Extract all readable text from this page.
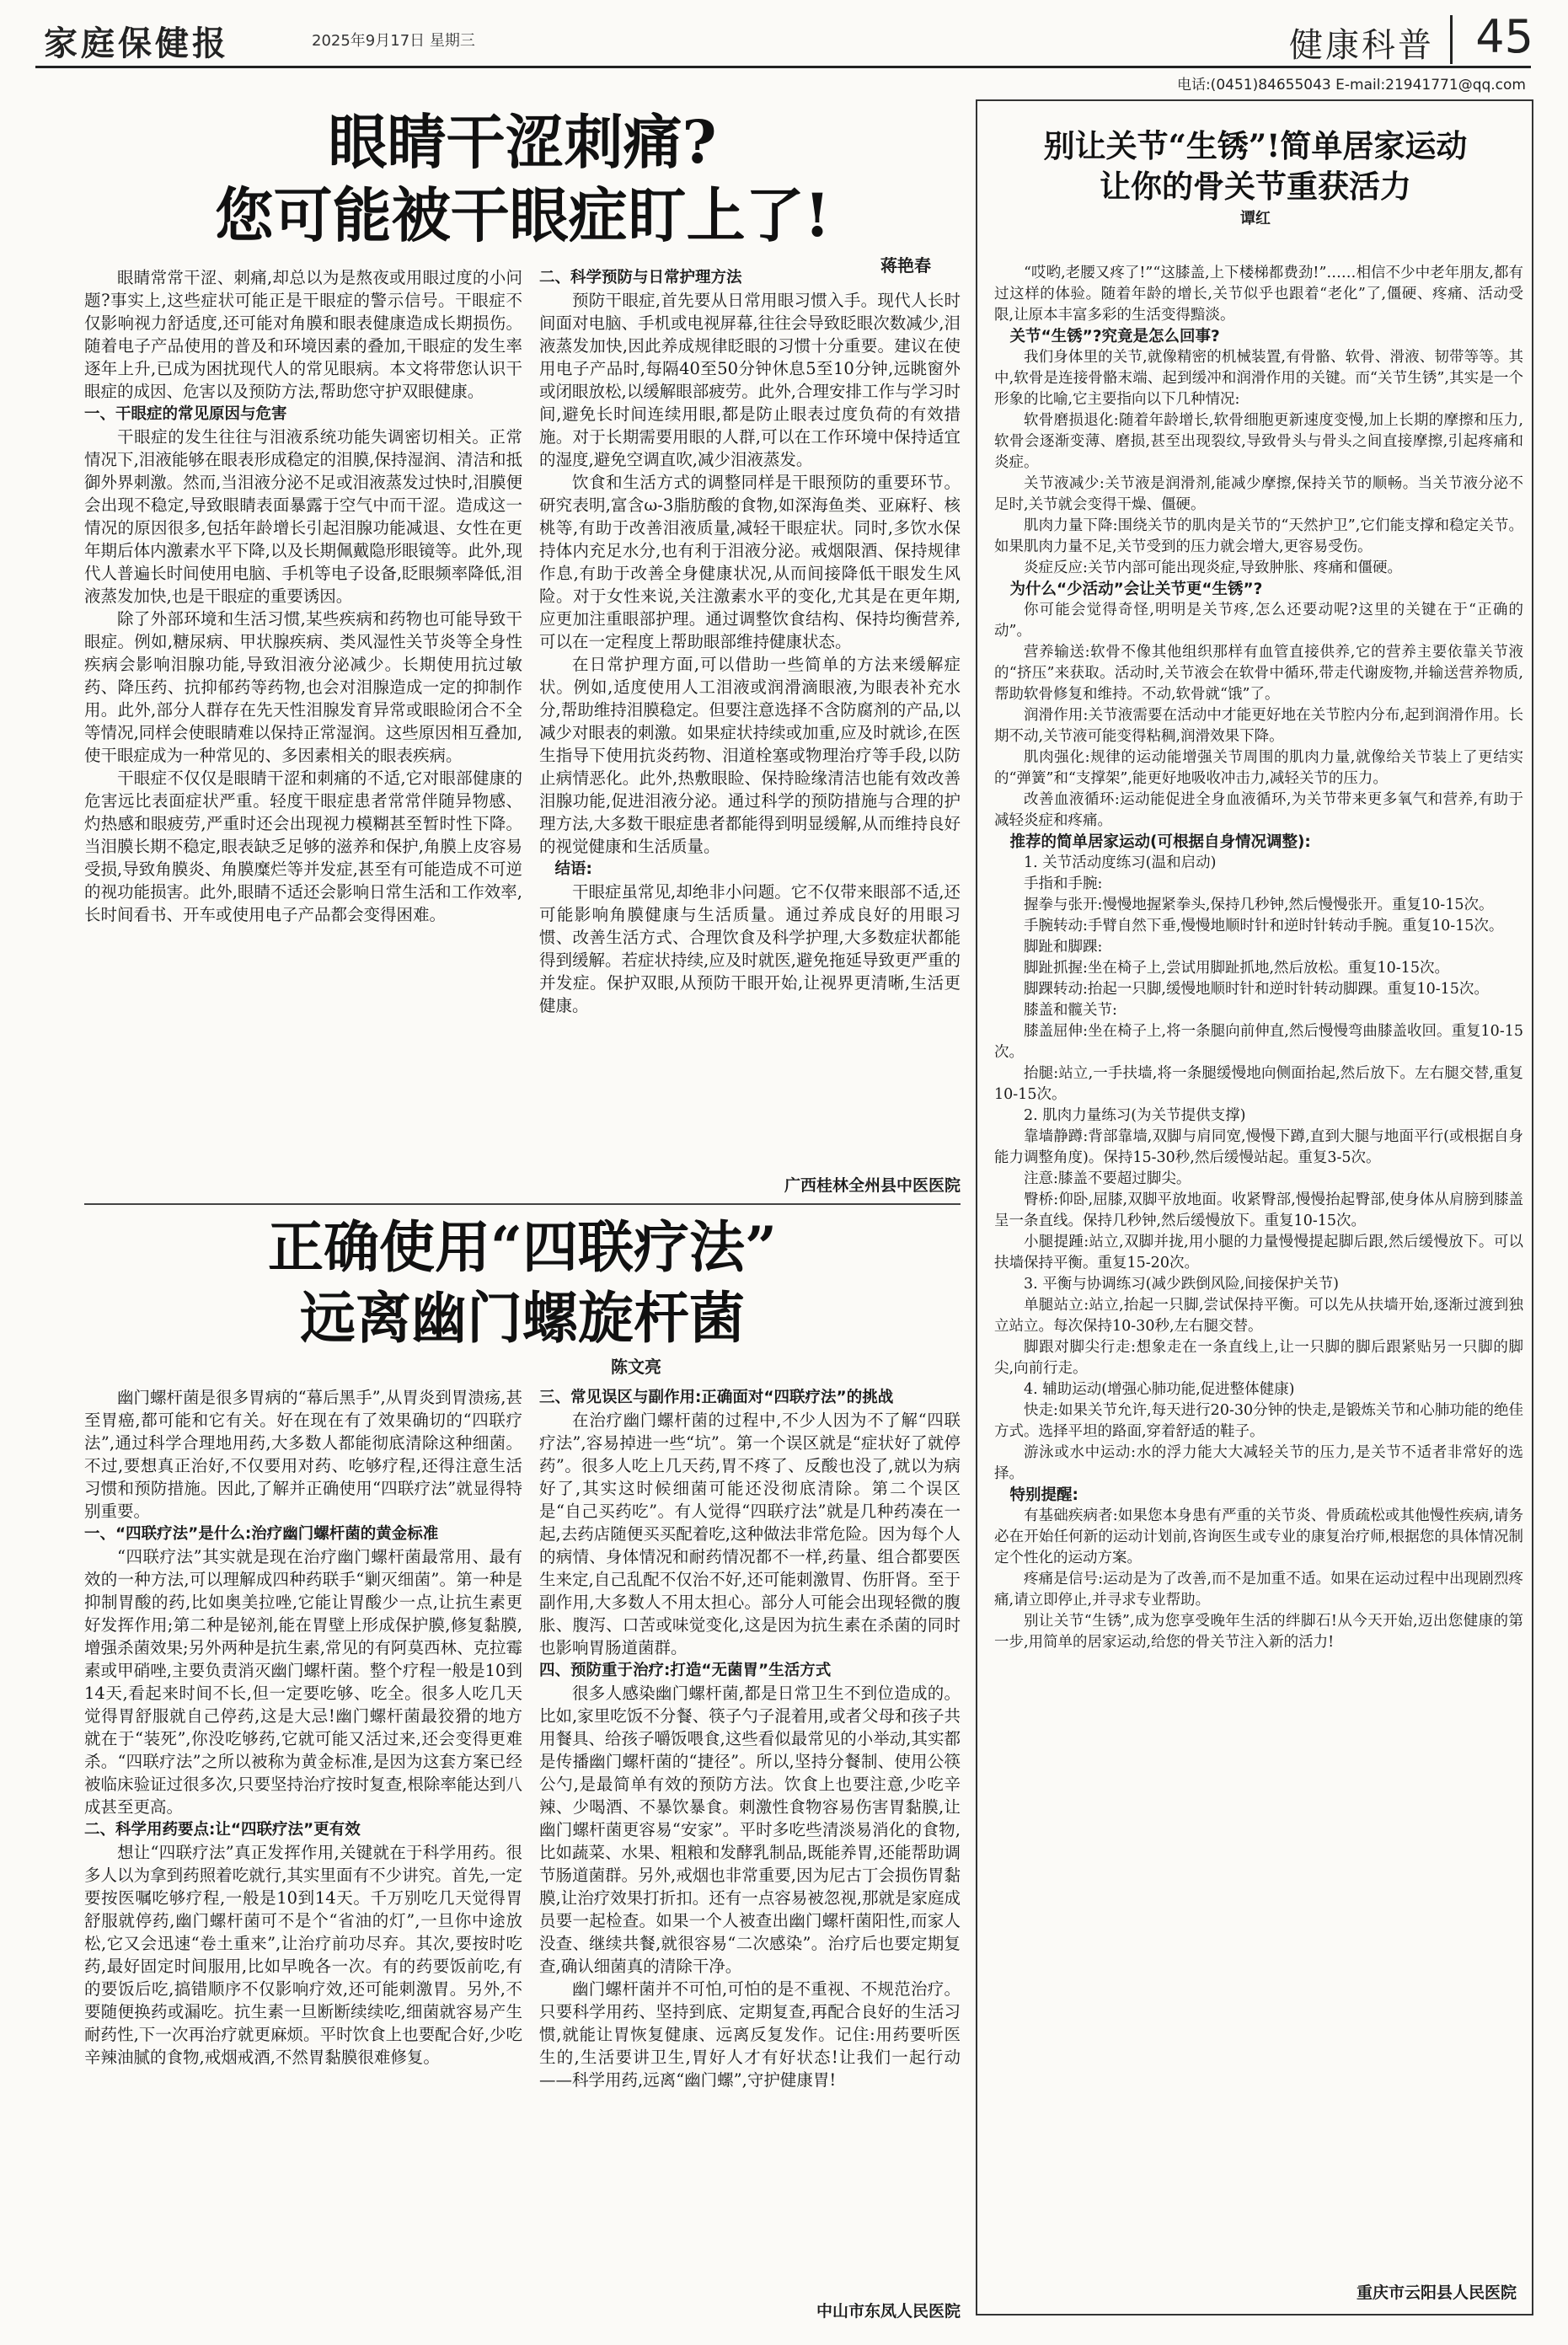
家庭保健报	2025年9月17日 星期三	健康科普 45
电话:(0451)84655043 E-mail:21941771@qq.com
眼睛干涩刺痛?
您可能被干眼症盯上了!
蒋艳春

眼睛常常干涩、刺痛,却总以为是熬夜或用眼过度的小问题?事实上,这些症状可能正是干眼症的警示信号。干眼症不仅影响视力舒适度,还可能对角膜和眼表健康造成长期损伤。随着电子产品使用的普及和环境因素的叠加,干眼症的发生率逐年上升,已成为困扰现代人的常见眼病。本文将带您认识干眼症的成因、危害以及预防方法,帮助您守护双眼健康。

一、干眼症的常见原因与危害

干眼症的发生往往与泪液系统功能失调密切相关。正常情况下,泪液能够在眼表形成稳定的泪膜,保持湿润、清洁和抵御外界刺激。然而,当泪液分泌不足或泪液蒸发过快时,泪膜便会出现不稳定,导致眼睛表面暴露于空气中而干涩。造成这一情况的原因很多,包括年龄增长引起泪腺功能减退、女性在更年期后体内激素水平下降,以及长期佩戴隐形眼镜等。此外,现代人普遍长时间使用电脑、手机等电子设备,眨眼频率降低,泪液蒸发加快,也是干眼症的重要诱因。

除了外部环境和生活习惯,某些疾病和药物也可能导致干眼症。例如,糖尿病、甲状腺疾病、类风湿性关节炎等全身性疾病会影响泪腺功能,导致泪液分泌减少。长期使用抗过敏药、降压药、抗抑郁药等药物,也会对泪腺造成一定的抑制作用。此外,部分人群存在先天性泪腺发育异常或眼睑闭合不全等情况,同样会使眼睛难以保持正常湿润。这些原因相互叠加,使干眼症成为一种常见的、多因素相关的眼表疾病。

干眼症不仅仅是眼睛干涩和刺痛的不适,它对眼部健康的危害远比表面症状严重。轻度干眼症患者常常伴随异物感、灼热感和眼疲劳,严重时还会出现视力模糊甚至暂时性下降。当泪膜长期不稳定,眼表缺乏足够的滋养和保护,角膜上皮容易受损,导致角膜炎、角膜糜烂等并发症,甚至有可能造成不可逆的视功能损害。此外,眼睛不适还会影响日常生活和工作效率,长时间看书、开车或使用电子产品都会变得困难。

二、科学预防与日常护理方法

预防干眼症,首先要从日常用眼习惯入手。现代人长时间面对电脑、手机或电视屏幕,往往会导致眨眼次数减少,泪液蒸发加快,因此养成规律眨眼的习惯十分重要。建议在使用电子产品时,每隔40至50分钟休息5至10分钟,远眺窗外或闭眼放松,以缓解眼部疲劳。此外,合理安排工作与学习时间,避免长时间连续用眼,都是防止眼表过度负荷的有效措施。对于长期需要用眼的人群,可以在工作环境中保持适宜的湿度,避免空调直吹,减少泪液蒸发。

饮食和生活方式的调整同样是干眼预防的重要环节。研究表明,富含ω-3脂肪酸的食物,如深海鱼类、亚麻籽、核桃等,有助于改善泪液质量,减轻干眼症状。同时,多饮水保持体内充足水分,也有利于泪液分泌。戒烟限酒、保持规律作息,有助于改善全身健康状况,从而间接降低干眼发生风险。对于女性来说,关注激素水平的变化,尤其是在更年期,应更加注重眼部护理。通过调整饮食结构、保持均衡营养,可以在一定程度上帮助眼部维持健康状态。

在日常护理方面,可以借助一些简单的方法来缓解症状。例如,适度使用人工泪液或润滑滴眼液,为眼表补充水分,帮助维持泪膜稳定。但要注意选择不含防腐剂的产品,以减少对眼表的刺激。如果症状持续或加重,应及时就诊,在医生指导下使用抗炎药物、泪道栓塞或物理治疗等手段,以防止病情恶化。此外,热敷眼睑、保持睑缘清洁也能有效改善泪腺功能,促进泪液分泌。通过科学的预防措施与合理的护理方法,大多数干眼症患者都能得到明显缓解,从而维持良好的视觉健康和生活质量。

结语:

干眼症虽常见,却绝非小问题。它不仅带来眼部不适,还可能影响角膜健康与生活质量。通过养成良好的用眼习惯、改善生活方式、合理饮食及科学护理,大多数症状都能得到缓解。若症状持续,应及时就医,避免拖延导致更严重的并发症。保护双眼,从预防干眼开始,让视界更清晰,生活更健康。

广西桂林全州县中医医院
正确使用“四联疗法”
远离幽门螺旋杆菌
陈文亮

幽门螺杆菌是很多胃病的“幕后黑手”,从胃炎到胃溃疡,甚至胃癌,都可能和它有关。好在现在有了效果确切的“四联疗法”,通过科学合理地用药,大多数人都能彻底清除这种细菌。不过,要想真正治好,不仅要用对药、吃够疗程,还得注意生活习惯和预防措施。因此,了解并正确使用“四联疗法”就显得特别重要。

一、“四联疗法”是什么:治疗幽门螺杆菌的黄金标准

“四联疗法”其实就是现在治疗幽门螺杆菌最常用、最有效的一种方法,可以理解成四种药联手“剿灭细菌”。第一种是抑制胃酸的药,比如奥美拉唑,它能让胃酸少一点,让抗生素更好发挥作用;第二种是铋剂,能在胃壁上形成保护膜,修复黏膜,增强杀菌效果;另外两种是抗生素,常见的有阿莫西林、克拉霉素或甲硝唑,主要负责消灭幽门螺杆菌。整个疗程一般是10到14天,看起来时间不长,但一定要吃够、吃全。很多人吃几天觉得胃舒服就自己停药,这是大忌!幽门螺杆菌最狡猾的地方就在于“装死”,你没吃够药,它就可能又活过来,还会变得更难杀。“四联疗法”之所以被称为黄金标准,是因为这套方案已经被临床验证过很多次,只要坚持治疗按时复查,根除率能达到八成甚至更高。

二、科学用药要点:让“四联疗法”更有效

想让“四联疗法”真正发挥作用,关键就在于科学用药。很多人以为拿到药照着吃就行,其实里面有不少讲究。首先,一定要按医嘱吃够疗程,一般是10到14天。千万别吃几天觉得胃舒服就停药,幽门螺杆菌可不是个“省油的灯”,一旦你中途放松,它又会迅速“卷土重来”,让治疗前功尽弃。其次,要按时吃药,最好固定时间服用,比如早晚各一次。有的药要饭前吃,有的要饭后吃,搞错顺序不仅影响疗效,还可能刺激胃。另外,不要随便换药或漏吃。抗生素一旦断断续续吃,细菌就容易产生耐药性,下一次再治疗就更麻烦。平时饮食上也要配合好,少吃辛辣油腻的食物,戒烟戒酒,不然胃黏膜很难修复。

三、常见误区与副作用:正确面对“四联疗法”的挑战

在治疗幽门螺杆菌的过程中,不少人因为不了解“四联疗法”,容易掉进一些“坑”。第一个误区就是“症状好了就停药”。很多人吃上几天药,胃不疼了、反酸也没了,就以为病好了,其实这时候细菌可能还没彻底清除。第二个误区是“自己买药吃”。有人觉得“四联疗法”就是几种药凑在一起,去药店随便买买配着吃,这种做法非常危险。因为每个人的病情、身体情况和耐药情况都不一样,药量、组合都要医生来定,自己乱配不仅治不好,还可能刺激胃、伤肝肾。至于副作用,大多数人不用太担心。部分人可能会出现轻微的腹胀、腹泻、口苦或味觉变化,这是因为抗生素在杀菌的同时也影响胃肠道菌群。

四、预防重于治疗:打造“无菌胃”生活方式

很多人感染幽门螺杆菌,都是日常卫生不到位造成的。比如,家里吃饭不分餐、筷子勺子混着用,或者父母和孩子共用餐具、给孩子嚼饭喂食,这些看似最常见的小举动,其实都是传播幽门螺杆菌的“捷径”。所以,坚持分餐制、使用公筷公勺,是最简单有效的预防方法。饮食上也要注意,少吃辛辣、少喝酒、不暴饮暴食。刺激性食物容易伤害胃黏膜,让幽门螺杆菌更容易“安家”。平时多吃些清淡易消化的食物,比如蔬菜、水果、粗粮和发酵乳制品,既能养胃,还能帮助调节肠道菌群。另外,戒烟也非常重要,因为尼古丁会损伤胃黏膜,让治疗效果打折扣。还有一点容易被忽视,那就是家庭成员要一起检查。如果一个人被查出幽门螺杆菌阳性,而家人没查、继续共餐,就很容易“二次感染”。治疗后也要定期复查,确认细菌真的清除干净。

幽门螺杆菌并不可怕,可怕的是不重视、不规范治疗。只要科学用药、坚持到底、定期复查,再配合良好的生活习惯,就能让胃恢复健康、远离反复发作。记住:用药要听医生的,生活要讲卫生,胃好人才有好状态!让我们一起行动——科学用药,远离“幽门螺”,守护健康胃!

中山市东凤人民医院
别让关节“生锈”!简单居家运动
让你的骨关节重获活力
谭红

“哎哟,老腰又疼了!”“这膝盖,上下楼梯都费劲!”……相信不少中老年朋友,都有过这样的体验。随着年龄的增长,关节似乎也跟着“老化”了,僵硬、疼痛、活动受限,让原本丰富多彩的生活变得黯淡。

关节“生锈”?究竟是怎么回事?

我们身体里的关节,就像精密的机械装置,有骨骼、软骨、滑液、韧带等等。其中,软骨是连接骨骼末端、起到缓冲和润滑作用的关键。而“关节生锈”,其实是一个形象的比喻,它主要指向以下几种情况:

软骨磨损退化:随着年龄增长,软骨细胞更新速度变慢,加上长期的摩擦和压力,软骨会逐渐变薄、磨损,甚至出现裂纹,导致骨头与骨头之间直接摩擦,引起疼痛和炎症。

关节液减少:关节液是润滑剂,能减少摩擦,保持关节的顺畅。当关节液分泌不足时,关节就会变得干燥、僵硬。

肌肉力量下降:围绕关节的肌肉是关节的“天然护卫”,它们能支撑和稳定关节。如果肌肉力量不足,关节受到的压力就会增大,更容易受伤。

炎症反应:关节内部可能出现炎症,导致肿胀、疼痛和僵硬。

为什么“少活动”会让关节更“生锈”?

你可能会觉得奇怪,明明是关节疼,怎么还要动呢?这里的关键在于“正确的动”。

营养输送:软骨不像其他组织那样有血管直接供养,它的营养主要依靠关节液的“挤压”来获取。活动时,关节液会在软骨中循环,带走代谢废物,并输送营养物质,帮助软骨修复和维持。不动,软骨就“饿”了。

润滑作用:关节液需要在活动中才能更好地在关节腔内分布,起到润滑作用。长期不动,关节液可能变得粘稠,润滑效果下降。

肌肉强化:规律的运动能增强关节周围的肌肉力量,就像给关节装上了更结实的“弹簧”和“支撑架”,能更好地吸收冲击力,减轻关节的压力。

改善血液循环:运动能促进全身血液循环,为关节带来更多氧气和营养,有助于减轻炎症和疼痛。

推荐的简单居家运动(可根据自身情况调整):

1. 关节活动度练习(温和启动)

手指和手腕:

握拳与张开:慢慢地握紧拳头,保持几秒钟,然后慢慢张开。重复10-15次。

手腕转动:手臂自然下垂,慢慢地顺时针和逆时针转动手腕。重复10-15次。

脚趾和脚踝:

脚趾抓握:坐在椅子上,尝试用脚趾抓地,然后放松。重复10-15次。

脚踝转动:抬起一只脚,缓慢地顺时针和逆时针转动脚踝。重复10-15次。

膝盖和髋关节:

膝盖屈伸:坐在椅子上,将一条腿向前伸直,然后慢慢弯曲膝盖收回。重复10-15次。

抬腿:站立,一手扶墙,将一条腿缓慢地向侧面抬起,然后放下。左右腿交替,重复10-15次。

2. 肌肉力量练习(为关节提供支撑)

靠墙静蹲:背部靠墙,双脚与肩同宽,慢慢下蹲,直到大腿与地面平行(或根据自身能力调整角度)。保持15-30秒,然后缓慢站起。重复3-5次。

注意:膝盖不要超过脚尖。

臀桥:仰卧,屈膝,双脚平放地面。收紧臀部,慢慢抬起臀部,使身体从肩膀到膝盖呈一条直线。保持几秒钟,然后缓慢放下。重复10-15次。

小腿提踵:站立,双脚并拢,用小腿的力量慢慢提起脚后跟,然后缓慢放下。可以扶墙保持平衡。重复15-20次。

3. 平衡与协调练习(减少跌倒风险,间接保护关节)

单腿站立:站立,抬起一只脚,尝试保持平衡。可以先从扶墙开始,逐渐过渡到独立站立。每次保持10-30秒,左右腿交替。

脚跟对脚尖行走:想象走在一条直线上,让一只脚的脚后跟紧贴另一只脚的脚尖,向前行走。

4. 辅助运动(增强心肺功能,促进整体健康)

快走:如果关节允许,每天进行20-30分钟的快走,是锻炼关节和心肺功能的绝佳方式。选择平坦的路面,穿着舒适的鞋子。

游泳或水中运动:水的浮力能大大减轻关节的压力,是关节不适者非常好的选择。

特别提醒:

有基础疾病者:如果您本身患有严重的关节炎、骨质疏松或其他慢性疾病,请务必在开始任何新的运动计划前,咨询医生或专业的康复治疗师,根据您的具体情况制定个性化的运动方案。

疼痛是信号:运动是为了改善,而不是加重不适。如果在运动过程中出现剧烈疼痛,请立即停止,并寻求专业帮助。

别让关节“生锈”,成为您享受晚年生活的绊脚石!从今天开始,迈出您健康的第一步,用简单的居家运动,给您的骨关节注入新的活力!

重庆市云阳县人民医院
